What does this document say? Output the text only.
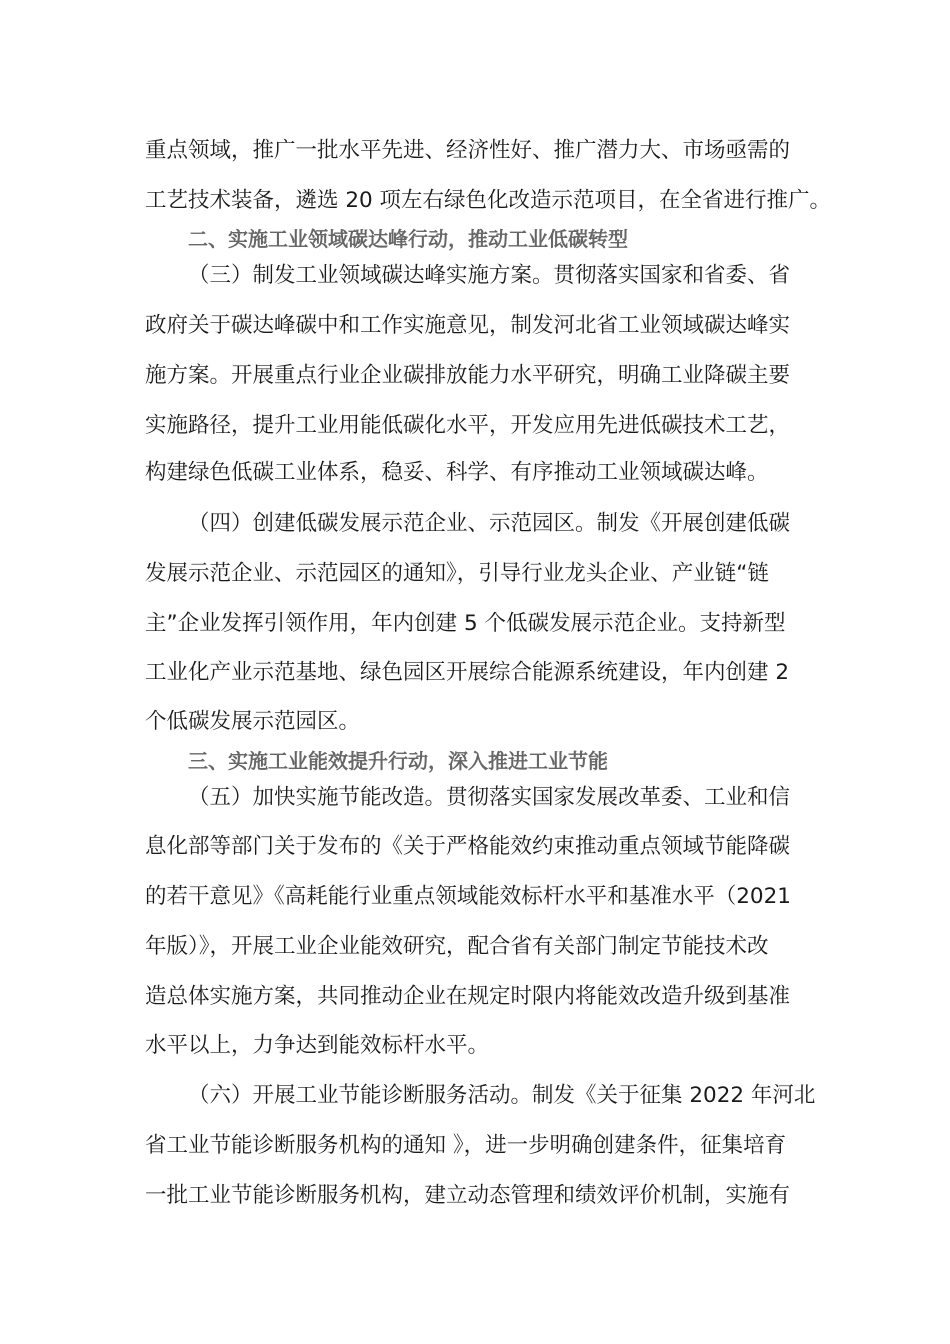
重点领域，推广一批水平先进、经济性好、推广潜力大、市场亟需的
工艺技术装备，遴选 20 项左右绿色化改造示范项目，在全省进行推广。
二、实施工业领域碳达峰行动，推动工业低碳转型
（三）制发工业领域碳达峰实施方案。贯彻落实国家和省委、省
政府关于碳达峰碳中和工作实施意见，制发河北省工业领域碳达峰实
施方案。开展重点行业企业碳排放能力水平研究，明确工业降碳主要
实施路径，提升工业用能低碳化水平，开发应用先进低碳技术工艺，
构建绿色低碳工业体系，稳妥、科学、有序推动工业领域碳达峰。
（四）创建低碳发展示范企业、示范园区。制发《开展创建低碳
发展示范企业、示范园区的通知》，引导行业龙头企业、产业链“链
主”企业发挥引领作用，年内创建 5 个低碳发展示范企业。支持新型
工业化产业示范基地、绿色园区开展综合能源系统建设，年内创建 2
个低碳发展示范园区。
三、实施工业能效提升行动，深入推进工业节能
（五）加快实施节能改造。贯彻落实国家发展改革委、工业和信
息化部等部门关于发布的《关于严格能效约束推动重点领域节能降碳
的若干意见》《高耗能行业重点领域能效标杆水平和基准水平（2021
年版）》，开展工业企业能效研究，配合省有关部门制定节能技术改
造总体实施方案，共同推动企业在规定时限内将能效改造升级到基准
水平以上，力争达到能效标杆水平。
（六）开展工业节能诊断服务活动。制发《关于征集 2022 年河北
省工业节能诊断服务机构的通知 》，进一步明确创建条件，征集培育
一批工业节能诊断服务机构，建立动态管理和绩效评价机制，实施有
